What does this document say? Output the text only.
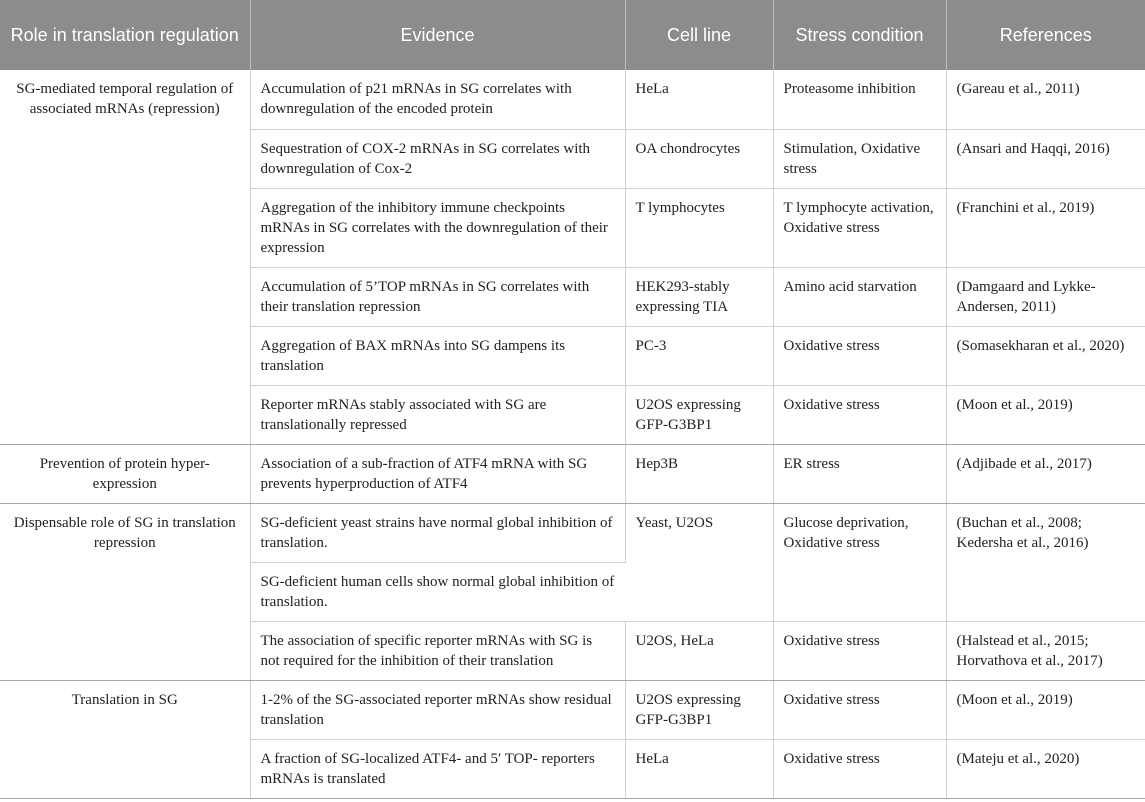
Role in translation regulation	Evidence	Cell line	Stress condition	References
SG-mediated temporal regulation of associated mRNAs (repression)	Accumulation of p21 mRNAs in SG correlates with downregulation of the encoded protein	HeLa	Proteasome inhibition	(Gareau et al., 2011)
	Sequestration of COX-2 mRNAs in SG correlates with downregulation of Cox-2	OA chondrocytes	Stimulation, Oxidative stress	(Ansari and Haqqi, 2016)
	Aggregation of the inhibitory immune checkpoints mRNAs in SG correlates with the downregulation of their expression	T lymphocytes	T lymphocyte activation, Oxidative stress	(Franchini et al., 2019)
	Accumulation of 5’TOP mRNAs in SG correlates with their translation repression	HEK293-stably expressing TIA	Amino acid starvation	(Damgaard and Lykke-Andersen, 2011)
	Aggregation of BAX mRNAs into SG dampens its translation	PC-3	Oxidative stress	(Somasekharan et al., 2020)
	Reporter mRNAs stably associated with SG are translationally repressed	U2OS expressing GFP-G3BP1	Oxidative stress	(Moon et al., 2019)
Prevention of protein hyper-expression	Association of a sub-fraction of ATF4 mRNA with SG prevents hyperproduction of ATF4	Hep3B	ER stress	(Adjibade et al., 2017)
Dispensable role of SG in translation repression	SG-deficient yeast strains have normal global inhibition of translation.	Yeast, U2OS	Glucose deprivation, Oxidative stress	(Buchan et al., 2008; Kedersha et al., 2016)
	SG-deficient human cells show normal global inhibition of translation.			
	The association of specific reporter mRNAs with SG is not required for the inhibition of their translation	U2OS, HeLa	Oxidative stress	(Halstead et al., 2015; Horvathova et al., 2017)
Translation in SG	1-2% of the SG-associated reporter mRNAs show residual translation	U2OS expressing GFP-G3BP1	Oxidative stress	(Moon et al., 2019)
	A fraction of SG-localized ATF4- and 5′ TOP- reporters mRNAs is translated	HeLa	Oxidative stress	(Mateju et al., 2020)
